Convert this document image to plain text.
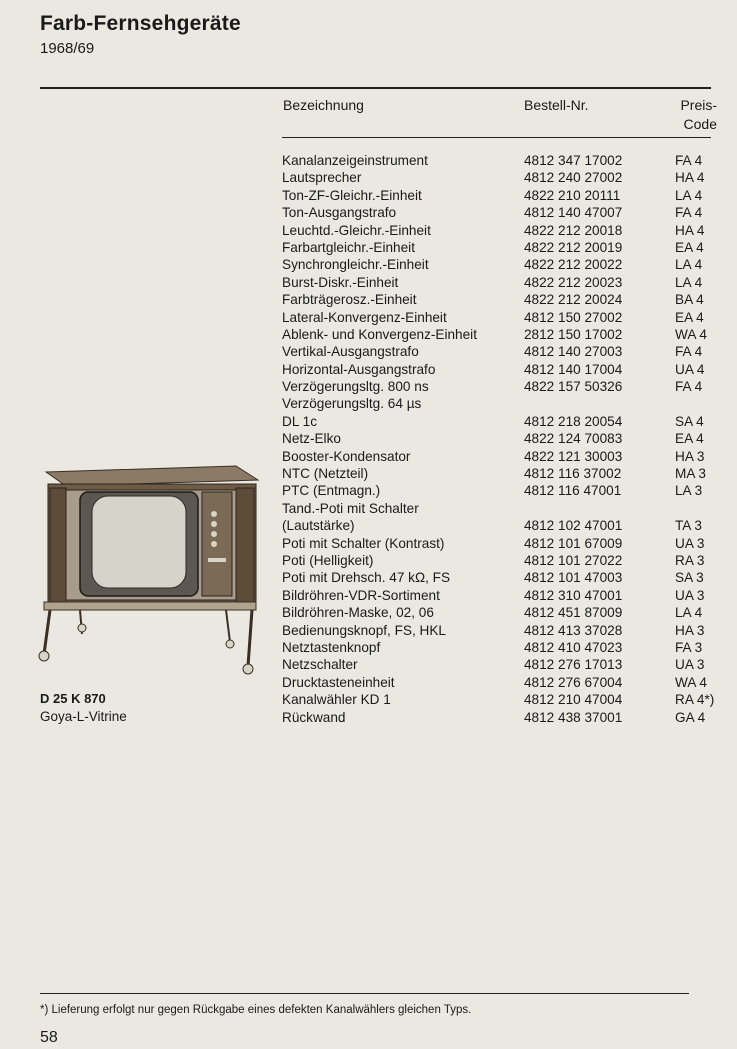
Farb-Fernsehgeräte
1968/69
Bezeichnung	Bestell-Nr.	Preis-
Code
Kanalanzeigeinstrument	4812 347 17002	FA 4
Lautsprecher	4812 240 27002	HA 4
Ton-ZF-Gleichr.-Einheit	4822 210 20111	LA 4
Ton-Ausgangstrafo	4812 140 47007	FA 4
Leuchtd.-Gleichr.-Einheit	4822 212 20018	HA 4
Farbartgleichr.-Einheit	4822 212 20019	EA 4
Synchrongleichr.-Einheit	4822 212 20022	LA 4
Burst-Diskr.-Einheit	4822 212 20023	LA 4
Farbträgerosz.-Einheit	4822 212 20024	BA 4
Lateral-Konvergenz-Einheit	4812 150 27002	EA 4
Ablenk- und Konvergenz-Einheit	2812 150 17002	WA 4
Vertikal-Ausgangstrafo	4812 140 27003	FA 4
Horizontal-Ausgangstrafo	4812 140 17004	UA 4
Verzögerungsltg. 800 ns	4822 157 50326	FA 4
Verzögerungsltg. 64 µs
DL 1c	4812 218 20054	SA 4
Netz-Elko	4822 124 70083	EA 4
Booster-Kondensator	4822 121 30003	HA 3
NTC (Netzteil)	4812 116 37002	MA 3
PTC (Entmagn.)	4812 116 47001	LA 3
Tand.-Poti mit Schalter
(Lautstärke)	4812 102 47001	TA 3
Poti mit Schalter (Kontrast)	4812 101 67009	UA 3
Poti (Helligkeit)	4812 101 27022	RA 3
Poti mit Drehsch. 47 kΩ, FS	4812 101 47003	SA 3
Bildröhren-VDR-Sortiment	4812 310 47001	UA 3
Bildröhren-Maske, 02, 06	4812 451 87009	LA 4
Bedienungsknopf, FS, HKL	4812 413 37028	HA 3
Netztastenknopf	4812 410 47023	FA 3
Netzschalter	4812 276 17013	UA 3
Drucktasteneinheit	4812 276 67004	WA 4
Kanalwähler KD 1	4812 210 47004	RA 4*)
Rückwand	4812 438 37001	GA 4
D 25 K 870
Goya-L-Vitrine
*) Lieferung erfolgt nur gegen Rückgabe eines defekten Kanalwählers gleichen Typs.
58
